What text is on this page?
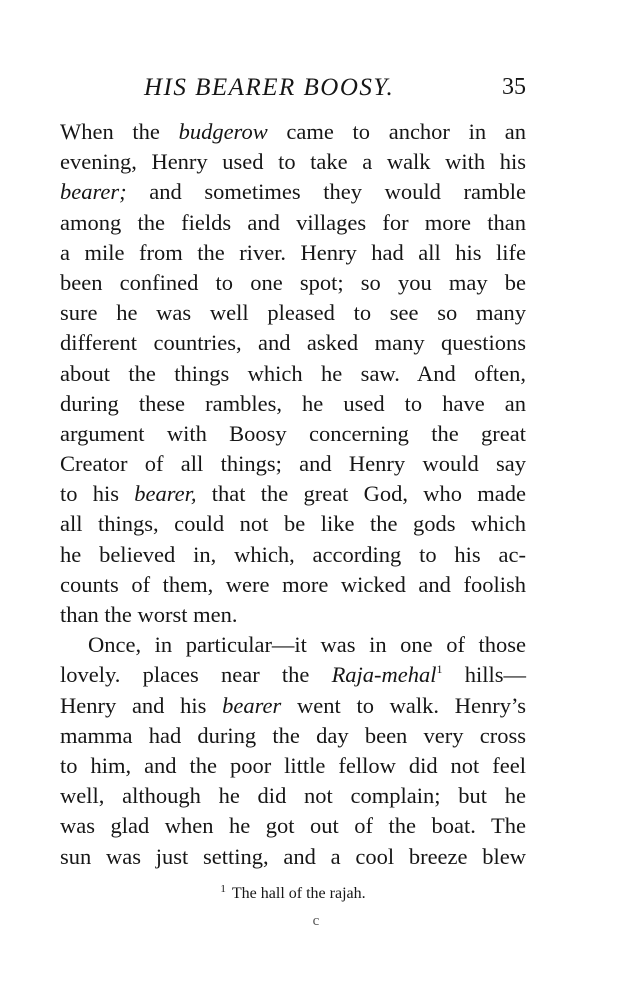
HIS BEARER BOOSY.	35
When the budgerow came to anchor in an
evening, Henry used to take a walk with his
bearer; and sometimes they would ramble
among the fields and villages for more than
a mile from the river. Henry had all his life
been confined to one spot; so you may be
sure he was well pleased to see so many
different countries, and asked many questions
about the things which he saw. And often,
during these rambles, he used to have an
argument with Boosy concerning the great
Creator of all things; and Henry would say
to his bearer, that the great God, who made
all things, could not be like the gods which
he believed in, which, according to his ac-
counts of them, were more wicked and foolish
than the worst men.
Once, in particular—it was in one of those
lovely. places near the Raja-mehal$^1$ hills—
Henry and his bearer went to walk. Henry’s
mamma had during the day been very cross
to him, and the poor little fellow did not feel
well, although he did not complain; but he
was glad when he got out of the boat. The
sun was just setting, and a cool breeze blew
$^1$ The hall of the rajah.
c
